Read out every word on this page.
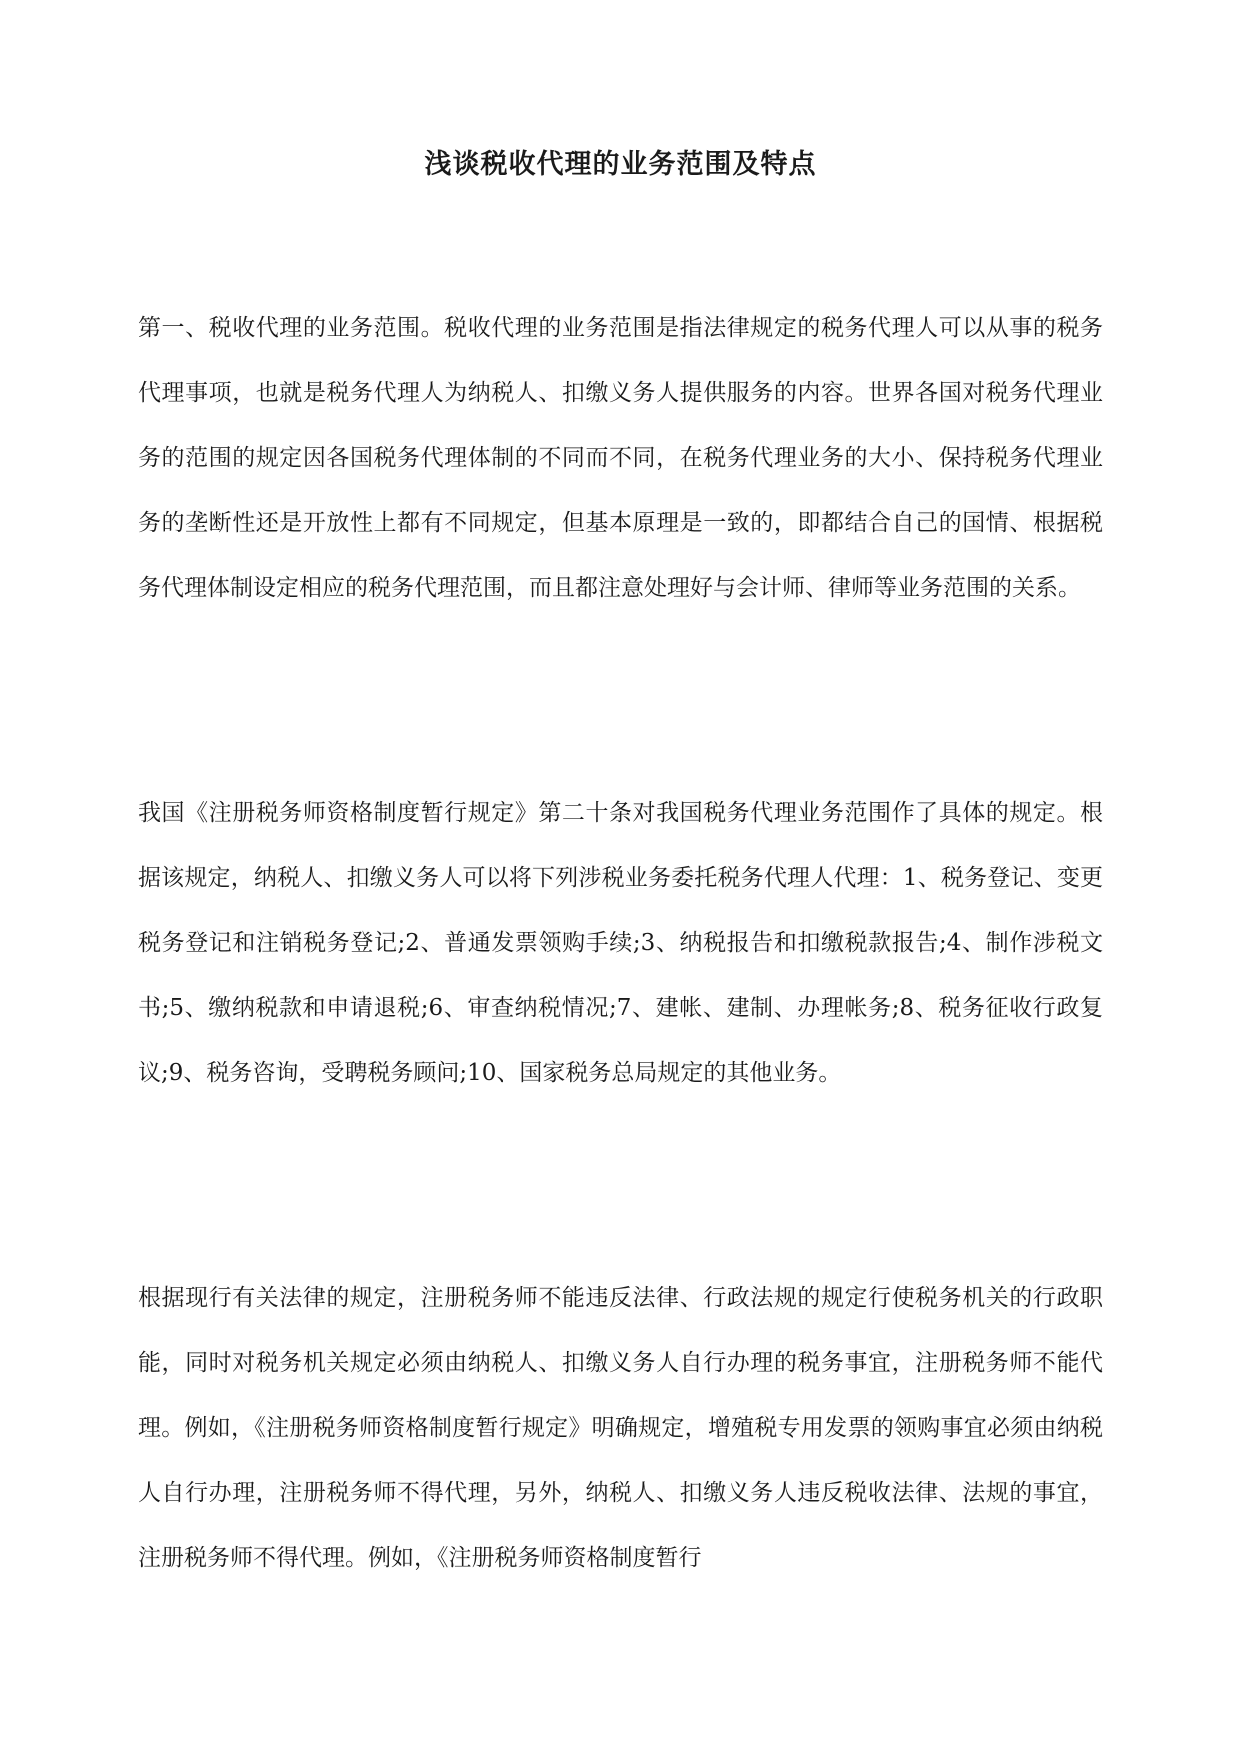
浅谈税收代理的业务范围及特点

第一、税收代理的业务范围。税收代理的业务范围是指法律规定的税务代理人可以从事的税务代理事项，也就是税务代理人为纳税人、扣缴义务人提供服务的内容。世界各国对税务代理业务的范围的规定因各国税务代理体制的不同而不同，在税务代理业务的大小、保持税务代理业务的垄断性还是开放性上都有不同规定，但基本原理是一致的，即都结合自己的国情、根据税务代理体制设定相应的税务代理范围，而且都注意处理好与会计师、律师等业务范围的关系。

我国《注册税务师资格制度暂行规定》第二十条对我国税务代理业务范围作了具体的规定。根据该规定，纳税人、扣缴义务人可以将下列涉税业务委托税务代理人代理：1、税务登记、变更税务登记和注销税务登记;2、普通发票领购手续;3、纳税报告和扣缴税款报告;4、制作涉税文书;5、缴纳税款和申请退税;6、审查纳税情况;7、建帐、建制、办理帐务;8、税务征收行政复议;9、税务咨询，受聘税务顾问;10、国家税务总局规定的其他业务。

根据现行有关法律的规定，注册税务师不能违反法律、行政法规的规定行使税务机关的行政职能，同时对税务机关规定必须由纳税人、扣缴义务人自行办理的税务事宜，注册税务师不能代理。例如，《注册税务师资格制度暂行规定》明确规定，增殖税专用发票的领购事宜必须由纳税人自行办理，注册税务师不得代理，另外，纳税人、扣缴义务人违反税收法律、法规的事宜，注册税务师不得代理。例如，《注册税务师资格制度暂行
